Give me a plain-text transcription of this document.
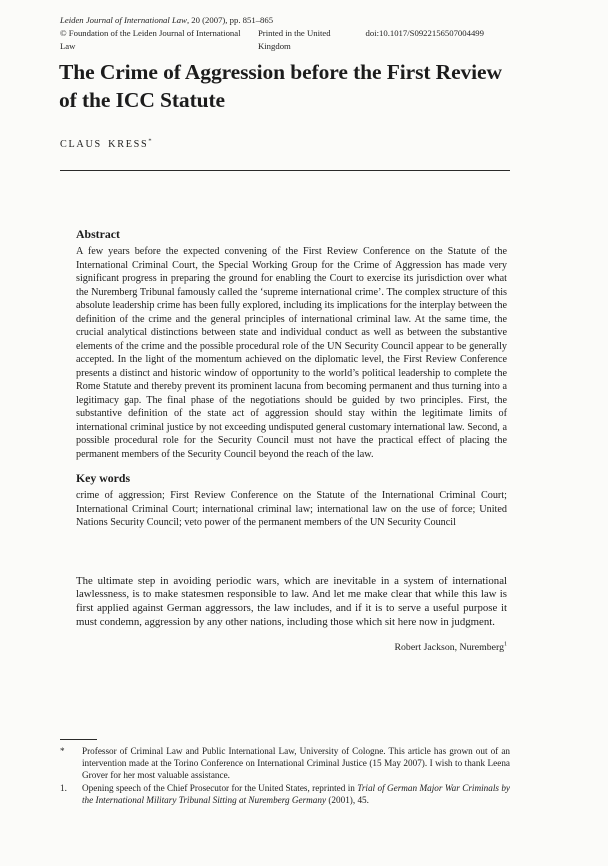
Leiden Journal of International Law, 20 (2007), pp. 851–865
© Foundation of the Leiden Journal of International Law
Printed in the United Kingdom
doi:10.1017/S0922156507004499
The Crime of Aggression before the First Review of the ICC Statute
CLAUS KRESS*
Abstract

A few years before the expected convening of the First Review Conference on the Statute of the International Criminal Court, the Special Working Group for the Crime of Aggression has made very significant progress in preparing the ground for enabling the Court to exercise its jurisdiction over what the Nuremberg Tribunal famously called the ‘supreme international crime’. The complex structure of this absolute leadership crime has been fully explored, including its implications for the interplay between the definition of the crime and the general principles of international criminal law. At the same time, the crucial analytical distinctions between state and individual conduct as well as between the substantive elements of the crime and the possible procedural role of the UN Security Council appear to be generally accepted. In the light of the momentum achieved on the diplomatic level, the First Review Conference presents a distinct and historic window of opportunity to the world’s political leadership to complete the Rome Statute and thereby prevent its prominent lacuna from becoming permanent and thus turning into a legitimacy gap. The final phase of the negotiations should be guided by two principles. First, the substantive definition of the state act of aggression should stay within the legitimate limits of international criminal justice by not exceeding undisputed general customary international law. Second, a possible procedural role for the Security Council must not have the practical effect of placing the permanent members of the Security Council beyond the reach of the law.

Key words

crime of aggression; First Review Conference on the Statute of the International Criminal Court; International Criminal Court; international criminal law; international law on the use of force; United Nations Security Council; veto power of the permanent members of the UN Security Council

The ultimate step in avoiding periodic wars, which are inevitable in a system of international lawlessness, is to make statesmen responsible to law. And let me make clear that while this law is first applied against German aggressors, the law includes, and if it is to serve a useful purpose it must condemn, aggression by any other nations, including those which sit here now in judgment.

Robert Jackson, Nuremberg$^1$
*	Professor of Criminal Law and Public International Law, University of Cologne. This article has grown out of an intervention made at the Torino Conference on International Criminal Justice (15 May 2007). I wish to thank Leena Grover for her most valuable assistance.
1.	Opening speech of the Chief Prosecutor for the United States, reprinted in Trial of German Major War Criminals by the International Military Tribunal Sitting at Nuremberg Germany (2001), 45.
